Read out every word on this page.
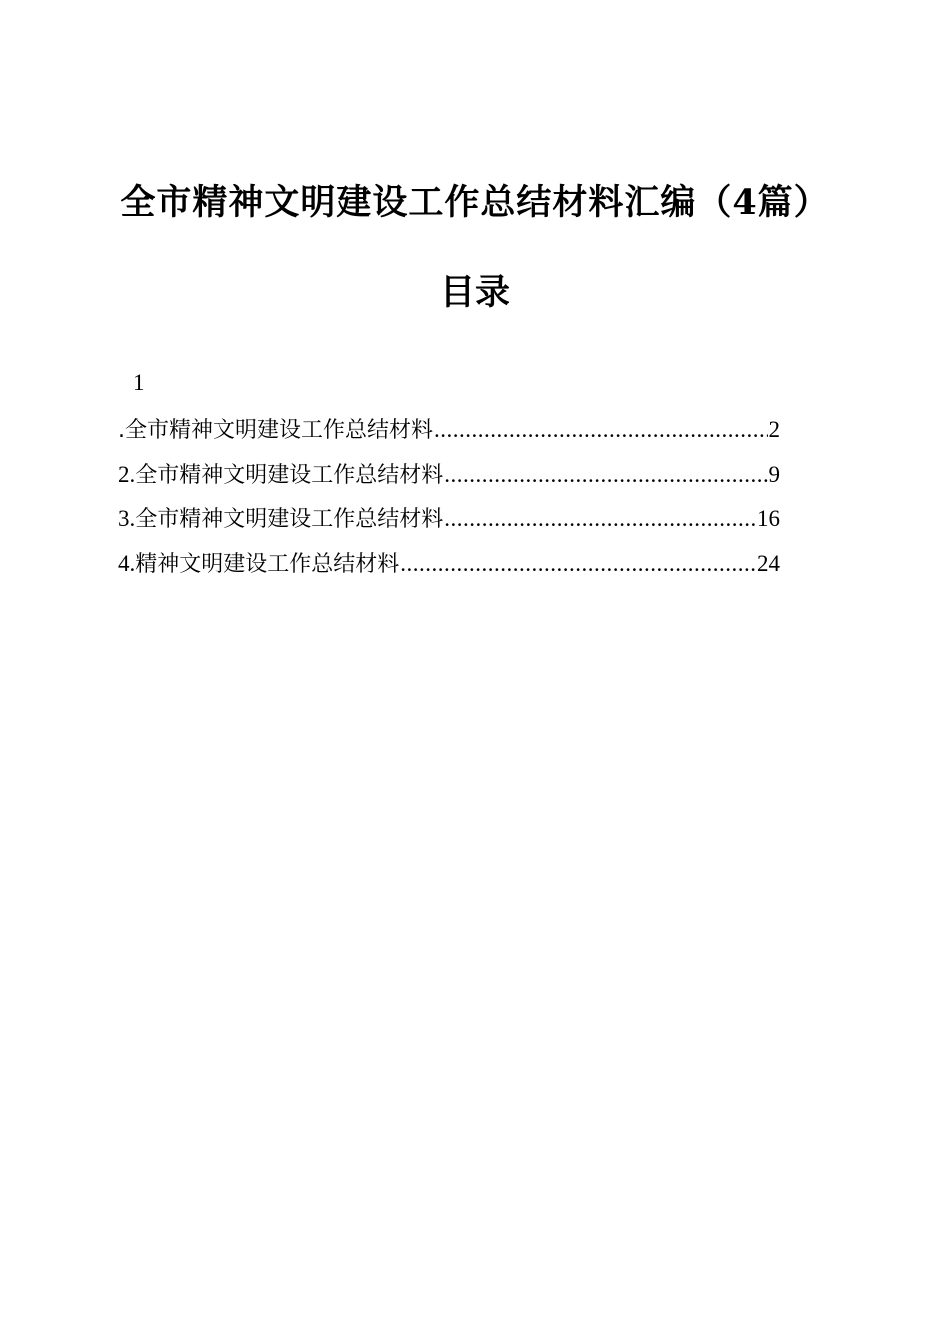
全市精神文明建设工作总结材料汇编（4篇）
目录
1
.全市精神文明建设工作总结材料 .....	2
2. 全市精神文明建设工作总结材料 .....	9
3. 全市精神文明建设工作总结材料 .....	16
4. 精神文明建设工作总结材料 .....	24
